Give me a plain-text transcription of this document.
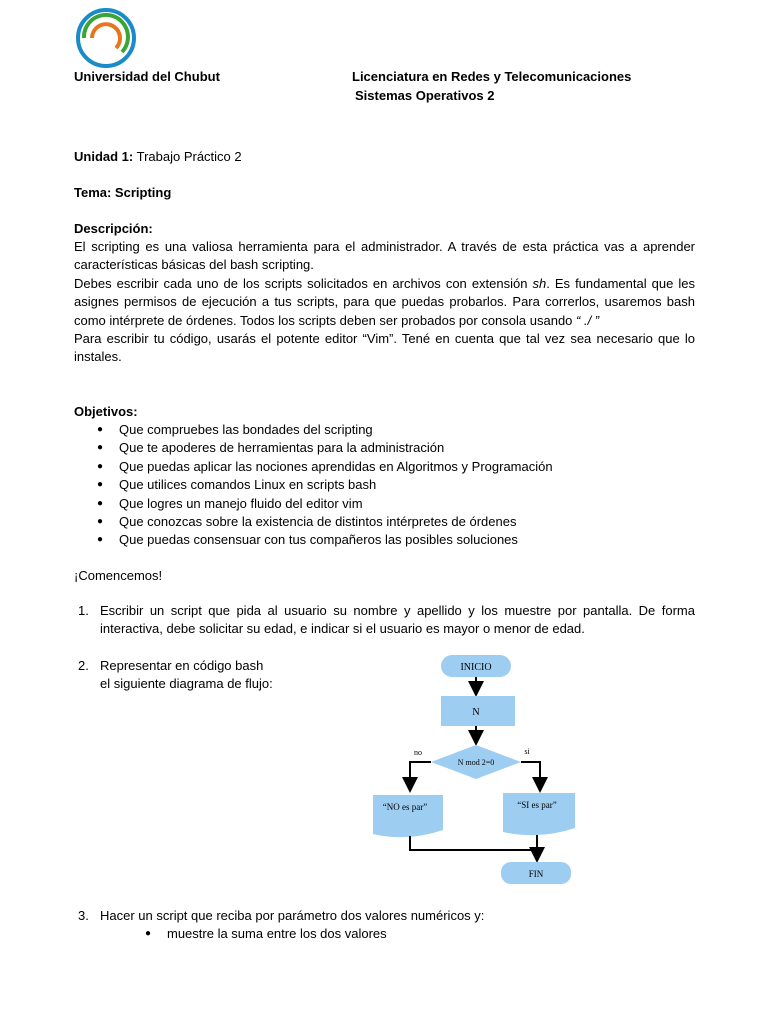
Universidad del Chubut	Licenciatura en Redes y Telecomunicaciones
Sistemas Operativos 2
Unidad 1: Trabajo Práctico 2
Tema: Scripting
Descripción:
El scripting es una valiosa herramienta para el administrador. A través de esta práctica vas a aprender características básicas del bash scripting.
Debes escribir cada uno de los scripts solicitados en archivos con extensión sh. Es fundamental que les asignes permisos de ejecución a tus scripts, para que puedas probarlos. Para correrlos, usaremos bash como intérprete de órdenes. Todos los scripts deben ser probados por consola usando “ ./ ”
Para escribir tu código, usarás el potente editor “Vim”. Tené en cuenta que tal vez sea necesario que lo instales.
Objetivos:
● Que compruebes las bondades del scripting
● Que te apoderes de herramientas para la administración
● Que puedas aplicar las nociones aprendidas en Algoritmos y Programación
● Que utilices comandos Linux en scripts bash
● Que logres un manejo fluido del editor vim
● Que conozcas sobre la existencia de distintos intérpretes de órdenes
● Que puedas consensuar con tus compañeros las posibles soluciones
¡Comencemos!
1. Escribir un script que pida al usuario su nombre y apellido y los muestre por pantalla. De forma interactiva, debe solicitar su edad, e indicar si el usuario es mayor o menor de edad.
2. Representar en código bash
el siguiente diagrama de flujo:
INICIO
N
N mod 2=0
no	si
“NO es par”	“SI es par”
FIN
3. Hacer un script que reciba por parámetro dos valores numéricos y:
● muestre la suma entre los dos valores
